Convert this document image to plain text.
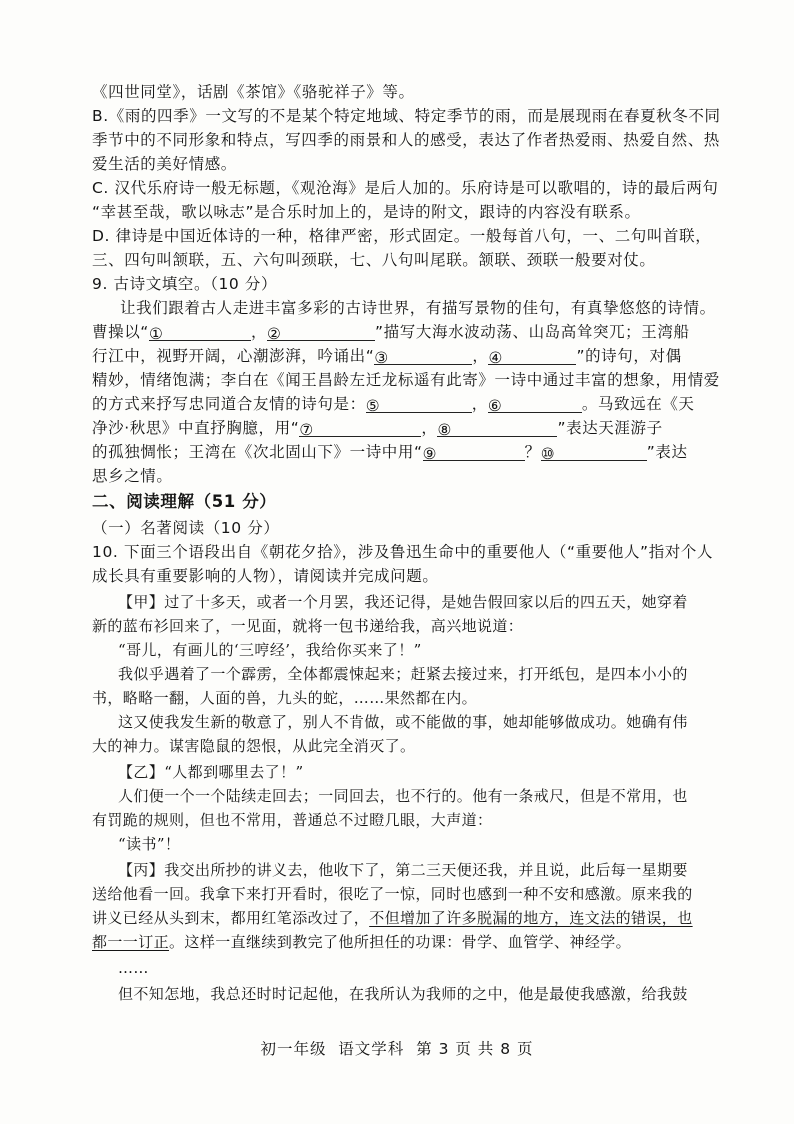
《四世同堂》，话剧《茶馆》《骆驼祥子》等。
B.《雨的四季》一文写的不是某个特定地域、特定季节的雨，而是展现雨在春夏秋冬不同
季节中的不同形象和特点，写四季的雨景和人的感受，表达了作者热爱雨、热爱自然、热
爱生活的美好情感。
C. 汉代乐府诗一般无标题，《观沧海》是后人加的。乐府诗是可以歌唱的，诗的最后两句
“幸甚至哉，歌以咏志”是合乐时加上的，是诗的附文，跟诗的内容没有联系。
D. 律诗是中国近体诗的一种，格律严密，形式固定。一般每首八句，一、二句叫首联，
三、四句叫颔联，五、六句叫颈联，七、八句叫尾联。颔联、颈联一般要对仗。
9. 古诗文填空。（10 分）
让我们跟着古人走进丰富多彩的古诗世界，有描写景物的佳句，有真挚悠悠的诗情。
曹操以“①	，②	”描写大海水波动荡、山岛高耸突兀；王湾船
行江中，视野开阔，心潮澎湃，吟诵出“③	，④	”的诗句，对偶
精妙，情绪饱满；李白在《闻王昌龄左迁龙标遥有此寄》一诗中通过丰富的想象，用情爱
的方式来抒写忠同道合友情的诗句是：⑤	，⑥	。马致远在《天
净沙·秋思》中直抒胸臆，用“⑦	，⑧	”表达天涯游子
的孤独惆怅；王湾在《次北固山下》一诗中用“⑨	？⑩	”表达
思乡之情。
二、阅读理解（51 分）
（一）名著阅读（10 分）
10. 下面三个语段出自《朝花夕拾》，涉及鲁迅生命中的重要他人（“重要他人”指对个人
成长具有重要影响的人物），请阅读并完成问题。
【甲】过了十多天，或者一个月罢，我还记得，是她告假回家以后的四五天，她穿着
新的蓝布衫回来了，一见面，就将一包书递给我，高兴地说道：
“哥儿，有画儿的‘三哼经’，我给你买来了！”
我似乎遇着了一个霹雳，全体都震悚起来；赶紧去接过来，打开纸包，是四本小小的
书，略略一翻，人面的兽，九头的蛇，……果然都在内。
这又使我发生新的敬意了，别人不肯做，或不能做的事，她却能够做成功。她确有伟
大的神力。谋害隐鼠的怨恨，从此完全消灭了。
【乙】“人都到哪里去了！”
人们便一个一个陆续走回去；一同回去，也不行的。他有一条戒尺，但是不常用，也
有罚跪的规则，但也不常用，普通总不过瞪几眼，大声道：
“读书”！
【丙】我交出所抄的讲义去，他收下了，第二三天便还我，并且说，此后每一星期要
送给他看一回。我拿下来打开看时，很吃了一惊，同时也感到一种不安和感激。原来我的
讲义已经从头到末，都用红笔添改过了，不但增加了许多脱漏的地方，连文法的错误，也
都一一订正。这样一直继续到教完了他所担任的功课：骨学、血管学、神经学。
……
但不知怎地，我总还时时记起他，在我所认为我师的之中，他是最使我感激，给我鼓
初一年级  语文学科  第 3 页 共 8 页
